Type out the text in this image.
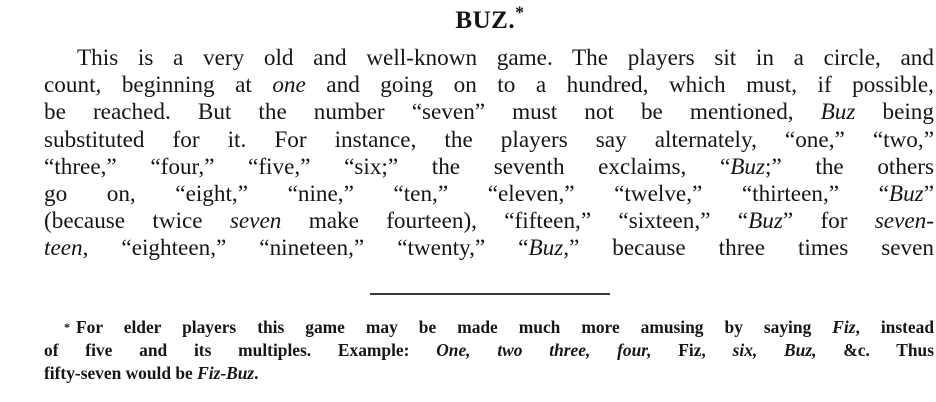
BUZ.*
This is a very old and well-known game. The players sit in a circle, and
count, beginning at one and going on to a hundred, which must, if possible,
be reached. But the number “seven” must not be mentioned, Buz being
substituted for it. For instance, the players say alternately, “one,” “two,”
“three,” “four,” “five,” “six;” the seventh exclaims, “Buz;” the others
go on, “eight,” “nine,” “ten,” “eleven,” “twelve,” “thirteen,” “Buz”
(because twice seven make fourteen), “fifteen,” “sixteen,” “Buz” for seven-
teen, “eighteen,” “nineteen,” “twenty,” “Buz,” because three times seven
* For elder players this game may be made much more amusing by saying Fiz, instead
of five and its multiples. Example: One, two three, four, Fiz, six, Buz, &c. Thus
fifty-seven would be Fiz-Buz.
